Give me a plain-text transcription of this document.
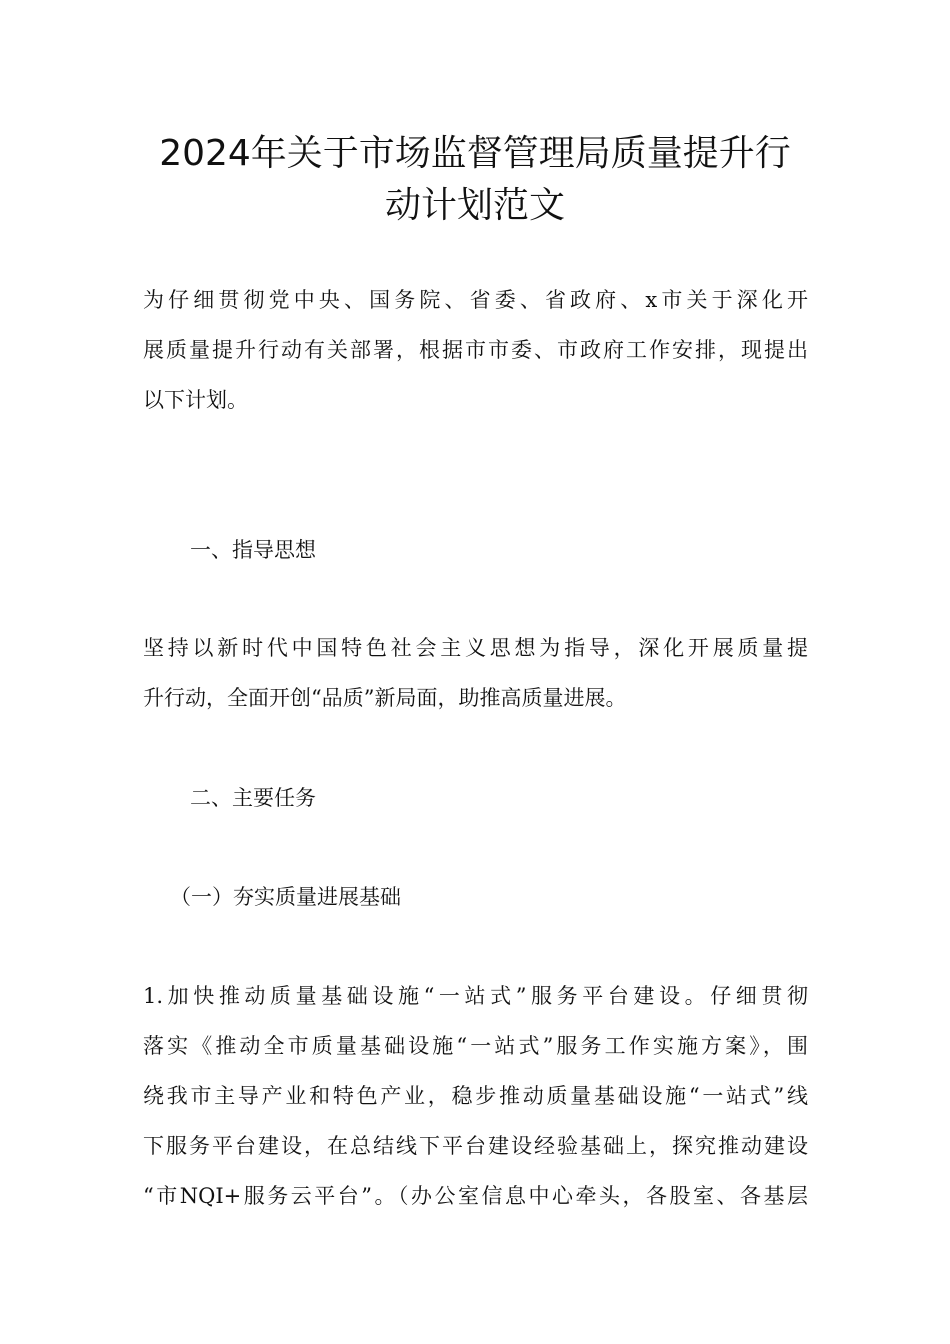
2024年关于市场监督管理局质量提升行
动计划范文
为仔细贯彻党中央、国务院、省委、省政府、x市关于深化开
展质量提升行动有关部署，根据市市委、市政府工作安排，现提出
以下计划。
一、指导思想
坚持以新时代中国特色社会主义思想为指导，深化开展质量提
升行动，全面开创“品质”新局面，助推高质量进展。
二、主要任务
（一）夯实质量进展基础
1.加快推动质量基础设施“一站式”服务平台建设。仔细贯彻
落实《推动全市质量基础设施“一站式”服务工作实施方案》，围
绕我市主导产业和特色产业，稳步推动质量基础设施“一站式”线
下服务平台建设，在总结线下平台建设经验基础上，探究推动建设
“市NQI+服务云平台”。（办公室信息中心牵头，各股室、各基层
